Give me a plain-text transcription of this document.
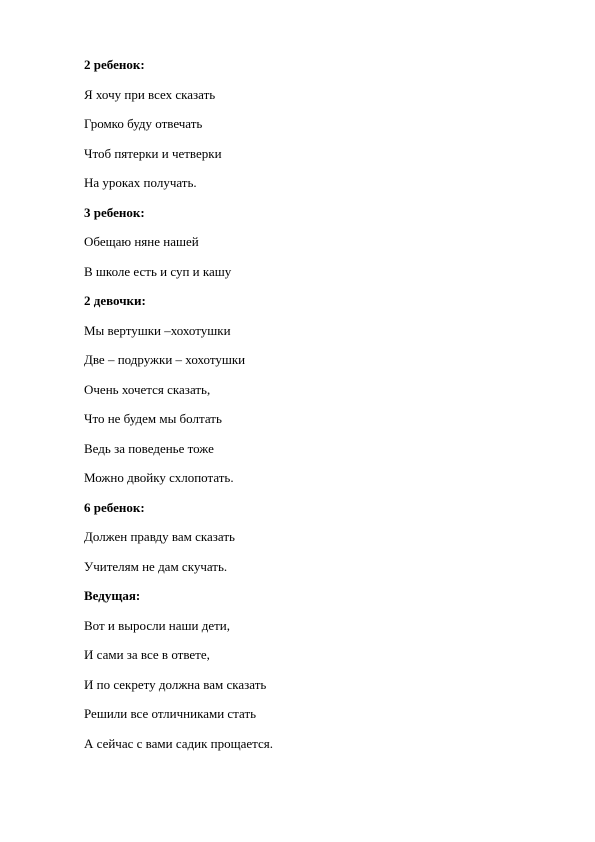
2 ребенок:
Я хочу при всех сказать
Громко буду отвечать
Чтоб пятерки и четверки
На уроках получать.
3 ребенок:
Обещаю няне нашей
В школе есть и суп и кашу
2 девочки:
Мы вертушки –хохотушки
Две – подружки – хохотушки
Очень хочется сказать,
Что не будем мы болтать
Ведь за поведенье тоже
Можно двойку схлопотать.
6 ребенок:
Должен правду вам сказать
Учителям не дам скучать.
Ведущая:
Вот и выросли наши дети,
И сами за все в ответе,
И по секрету должна вам сказать
Решили все отличниками стать
А сейчас с вами садик прощается.
